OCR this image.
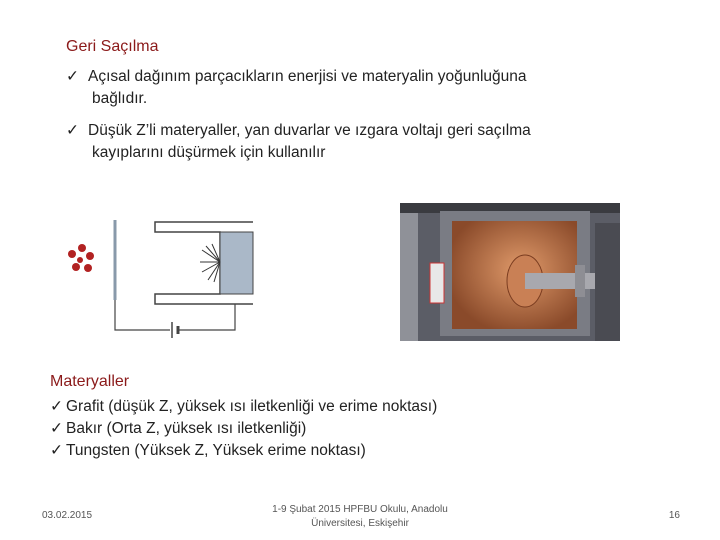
Geri Saçılma
✓ Açısal dağınım parçacıkların enerjisi ve materyalin yoğunluğuna
bağlıdır.
✓ Düşük Z’li materyaller, yan duvarlar ve ızgara voltajı geri saçılma
kayıplarını düşürmek için kullanılır
Materyaller
✓ Grafit (düşük Z, yüksek ısı iletkenliği ve erime noktası)
✓ Bakır (Orta Z, yüksek ısı iletkenliği)
✓ Tungsten (Yüksek Z, Yüksek erime noktası)
03.02.2015
1-9 Şubat 2015 HPFBU Okulu, Anadolu
Üniversitesi, Eskişehir
16
